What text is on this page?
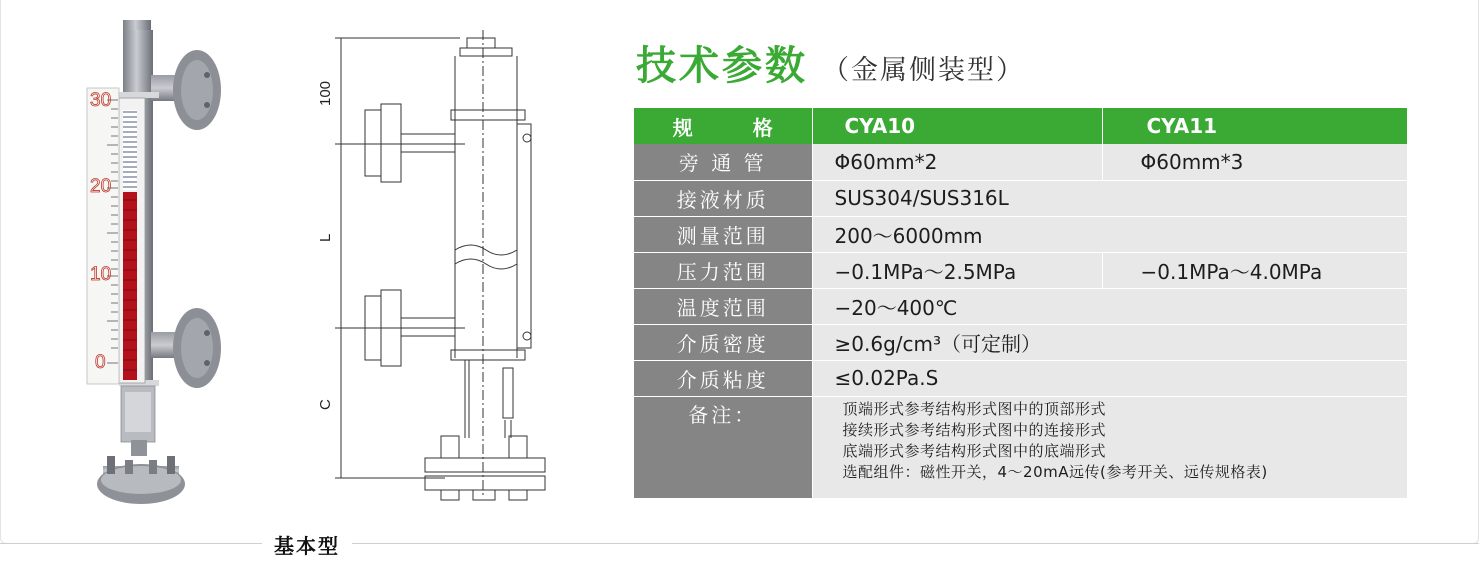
30
20
10
0
100
L
C
技术参数 （金属侧装型）
规 格	CYA10	CYA11
旁 通 管	Φ60mm*2	Φ60mm*3
接液材质	SUS304/SUS316L	
测量范围	200～6000mm	
压力范围	−0.1MPa～2.5MPa	−0.1MPa～4.0MPa
温度范围	−20～400℃	
介质密度	≥0.6g/cm³（可定制）	
介质粘度	≤0.02Pa.S	
备注：	顶端形式参考结构形式图中的顶部形式
接续形式参考结构形式图中的连接形式
底端形式参考结构形式图中的底端形式
选配组件：磁性开关，4～20mA远传(参考开关、远传规格表)	
基本型
